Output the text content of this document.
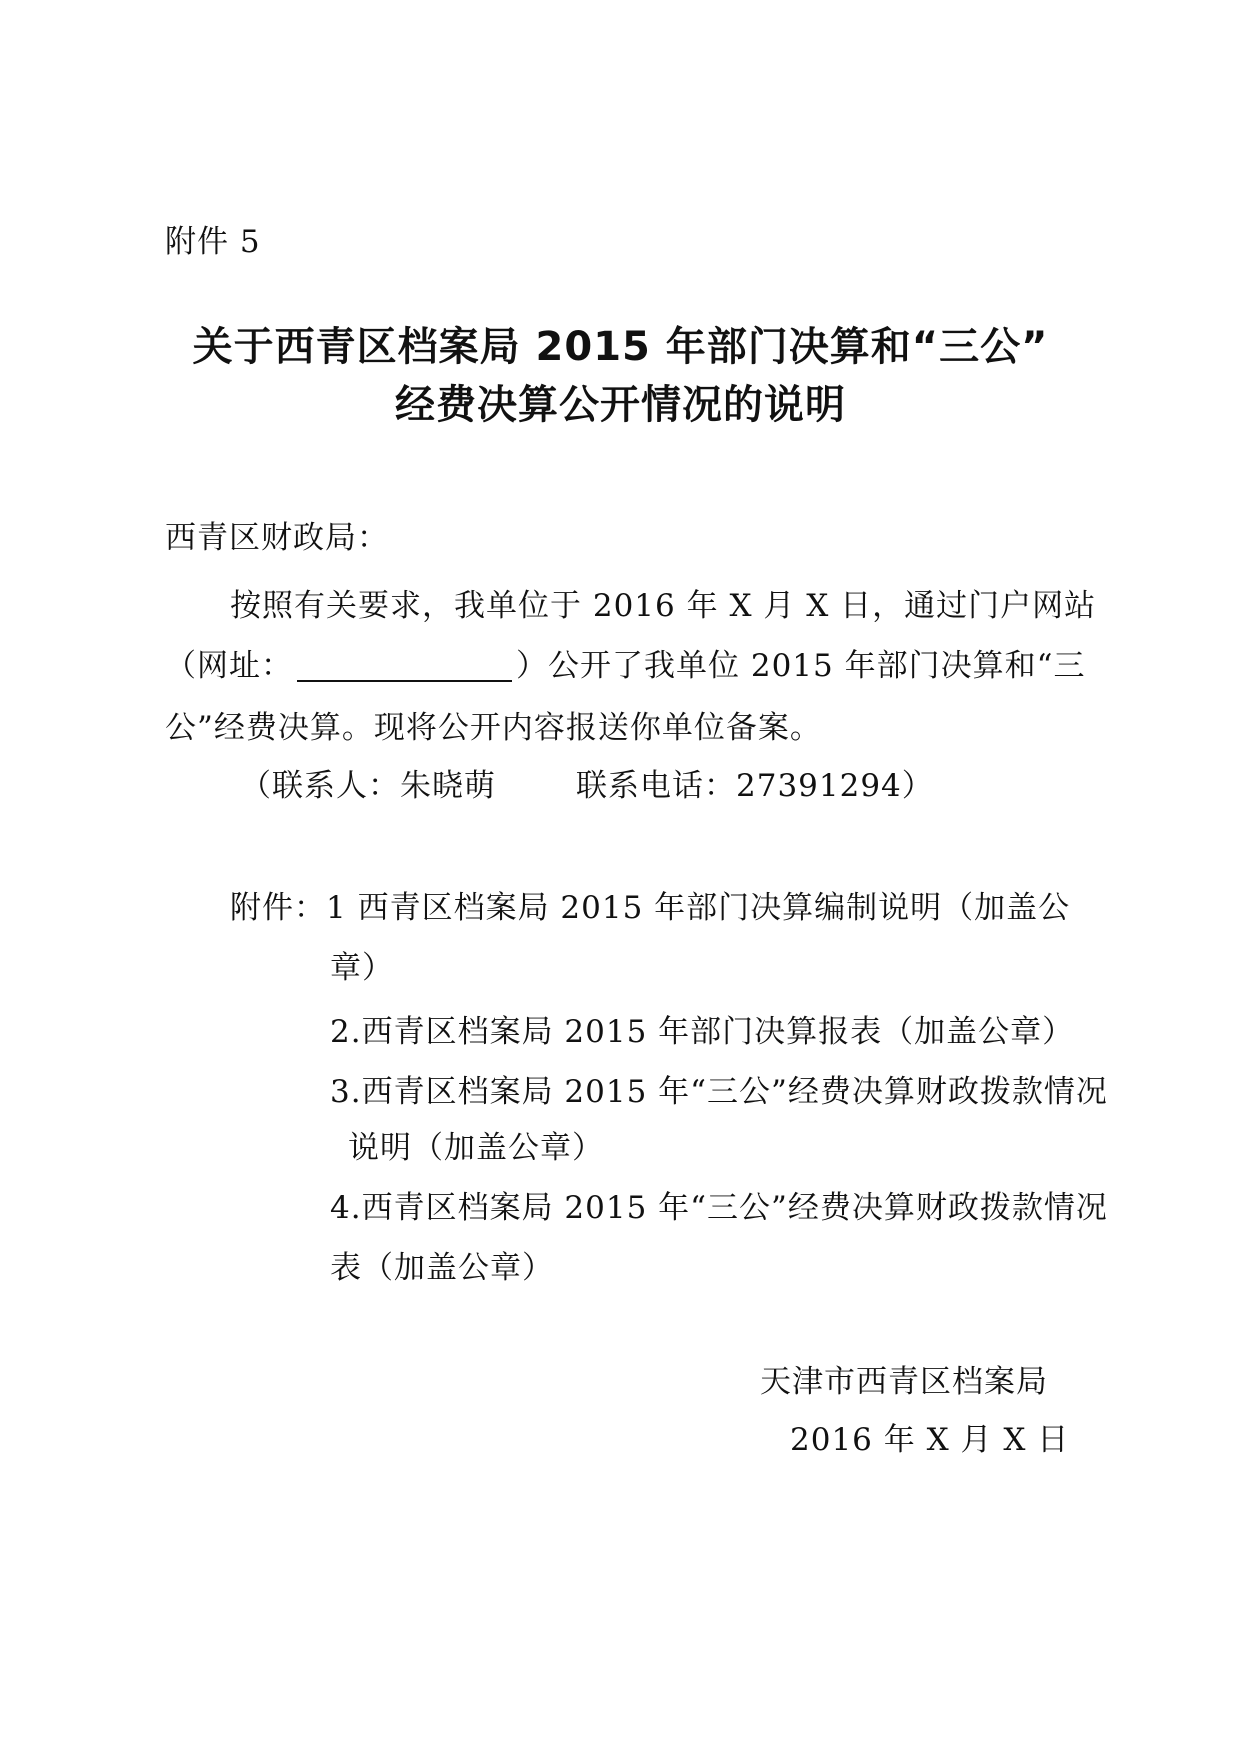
附件 5
关于西青区档案局 2015 年部门决算和“三公”
经费决算公开情况的说明
西青区财政局：
按照有关要求，我单位于 2016 年 X 月 X 日，通过门户网站
（网址：	）公开了我单位 2015 年部门决算和“三
公”经费决算。现将公开内容报送你单位备案。
（联系人：朱晓萌	联系电话：27391294）
附件：1 西青区档案局 2015 年部门决算编制说明（加盖公
章）
2.西青区档案局 2015 年部门决算报表（加盖公章）
3.西青区档案局 2015 年“三公”经费决算财政拨款情况
说明（加盖公章）
4.西青区档案局 2015 年“三公”经费决算财政拨款情况
表（加盖公章）
天津市西青区档案局
2016 年 X 月 X 日
